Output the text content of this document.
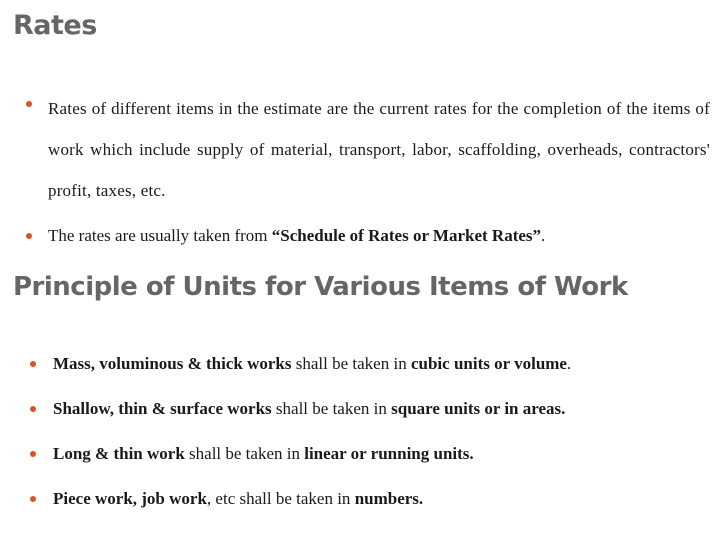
Rates
Rates of different items in the estimate are the current rates for the completion of the items of work which include supply of material, transport, labor, scaffolding, overheads, contractors' profit, taxes, etc.
The rates are usually taken from “Schedule of Rates or Market Rates”.
Principle of Units for Various Items of Work
Mass, voluminous & thick works shall be taken in cubic units or volume.
Shallow, thin & surface works shall be taken in square units or in areas.
Long & thin work shall be taken in linear or running units.
Piece work, job work, etc shall be taken in numbers.
